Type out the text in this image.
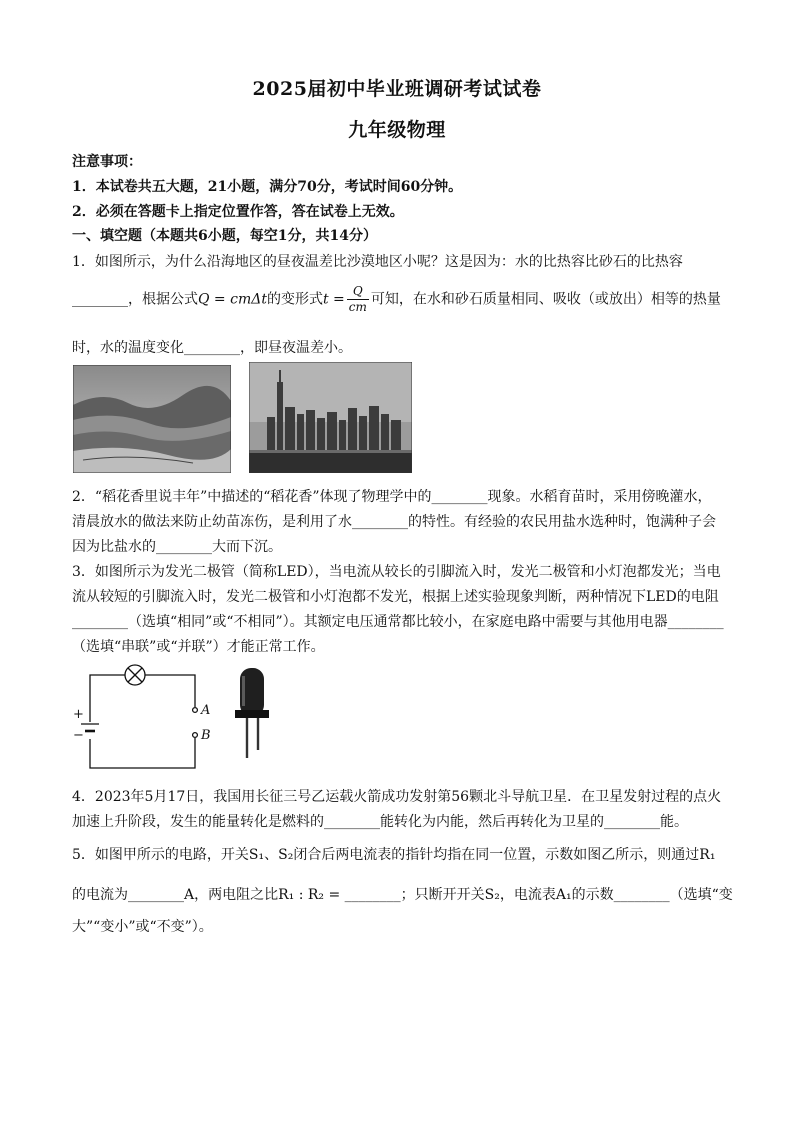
2025届初中毕业班调研考试试卷
九年级物理
注意事项：
1．本试卷共五大题，21小题，满分70分，考试时间60分钟。
2．必须在答题卡上指定位置作答，答在试卷上无效。
一、填空题（本题共6小题，每空1分，共14分）
1．如图所示，为什么沿海地区的昼夜温差比沙漠地区小呢？这是因为：水的比热容比砂石的比热容
________，根据公式Q = cmΔt的变形式$t = \frac{Q}{cm}$ 可知，在水和砂石质量相同、吸收（或放出）相等的热量
时，水的温度变化________，即昼夜温差小。
2．“稻花香里说丰年”中描述的“稻花香”体现了物理学中的________现象。水稻育苗时，采用傍晚灌水，
清晨放水的做法来防止幼苗冻伤，是利用了水________的特性。有经验的农民用盐水选种时，饱满种子会
因为比盐水的________大而下沉。
3．如图所示为发光二极管（简称LED），当电流从较长的引脚流入时，发光二极管和小灯泡都发光；当电
流从较短的引脚流入时，发光二极管和小灯泡都不发光，根据上述实验现象判断，两种情况下LED的电阻
________（选填“相同”或“不相同”）。其额定电压通常都比较小，在家庭电路中需要与其他用电器________
（选填“串联”或“并联”）才能正常工作。
+
−
A
B
4．2023年5月17日，我国用长征三号乙运载火箭成功发射第56颗北斗导航卫星．在卫星发射过程的点火
加速上升阶段，发生的能量转化是燃料的________能转化为内能，然后再转化为卫星的________能。
5．如图甲所示的电路，开关S₁、S₂闭合后两电流表的指针均指在同一位置，示数如图乙所示，则通过R₁
的电流为________A，两电阻之比R₁ : R₂ = ________；只断开开关S₂，电流表A₁的示数________（选填“变
大”“变小”或“不变”）。
